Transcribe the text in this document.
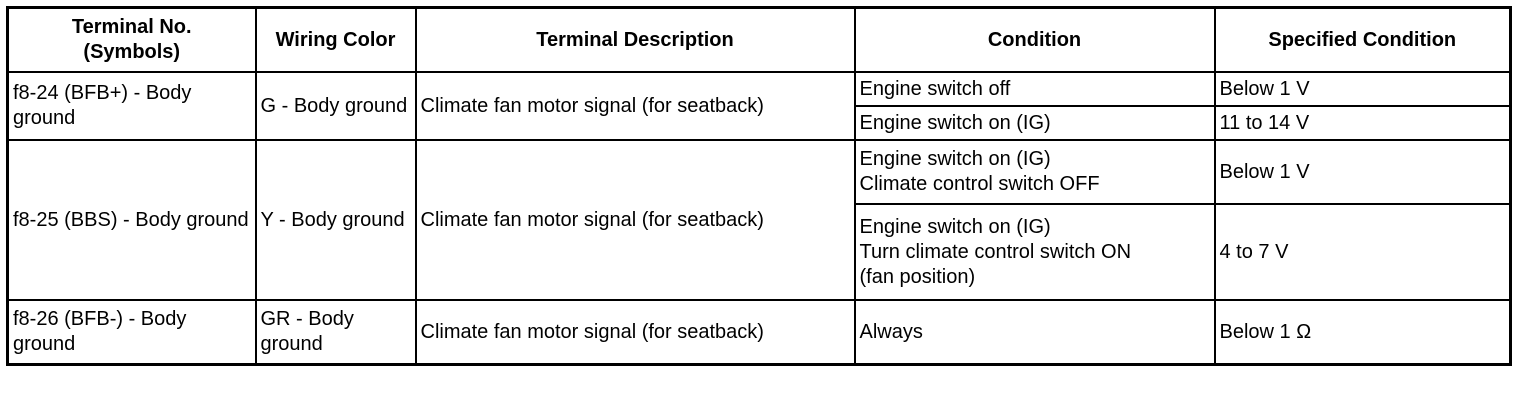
Terminal No.
(Symbols)	Wiring Color	Terminal Description	Condition	Specified Condition
f8-24 (BFB+) - Body ground	G - Body ground	Climate fan motor signal (for seatback)	Engine switch off	Below 1 V

			Engine switch on (IG)	11 to 14 V
f8-25 (BBS) - Body ground	Y - Body ground	Climate fan motor signal (for seatback)	Engine switch on (IG)
Climate control switch OFF	Below 1 V

			Engine switch on (IG)
Turn climate control switch ON
(fan position)	4 to 7 V
f8-26 (BFB-) - Body ground	GR - Body ground	Climate fan motor signal (for seatback)	Always	Below 1 Ω
